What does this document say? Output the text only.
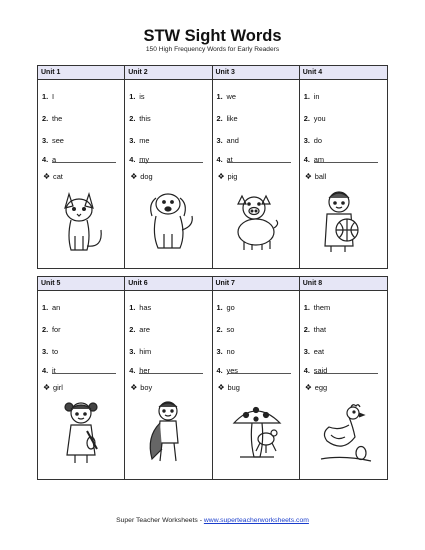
STW Sight Words
150 High Frequency Words for Early Readers
Unit 1
1. I
2. the
3. see
4. a
❖ cat
Unit 2
1. is
2. this
3. me
4. my
❖ dog
Unit 3
1. we
2. like
3. and
4. at
❖ pig
Unit 4
1. in
2. you
3. do
4. am
❖ ball
Unit 5
1. an
2. for
3. to
4. it
❖ girl
Unit 6
1. has
2. are
3. him
4. her
❖ boy
Unit 7
1. go
2. so
3. no
4. yes
❖ bug
Unit 8
1. them
2. that
3. eat
4. said
❖ egg
Super Teacher Worksheets - www.superteacherworksheets.com
